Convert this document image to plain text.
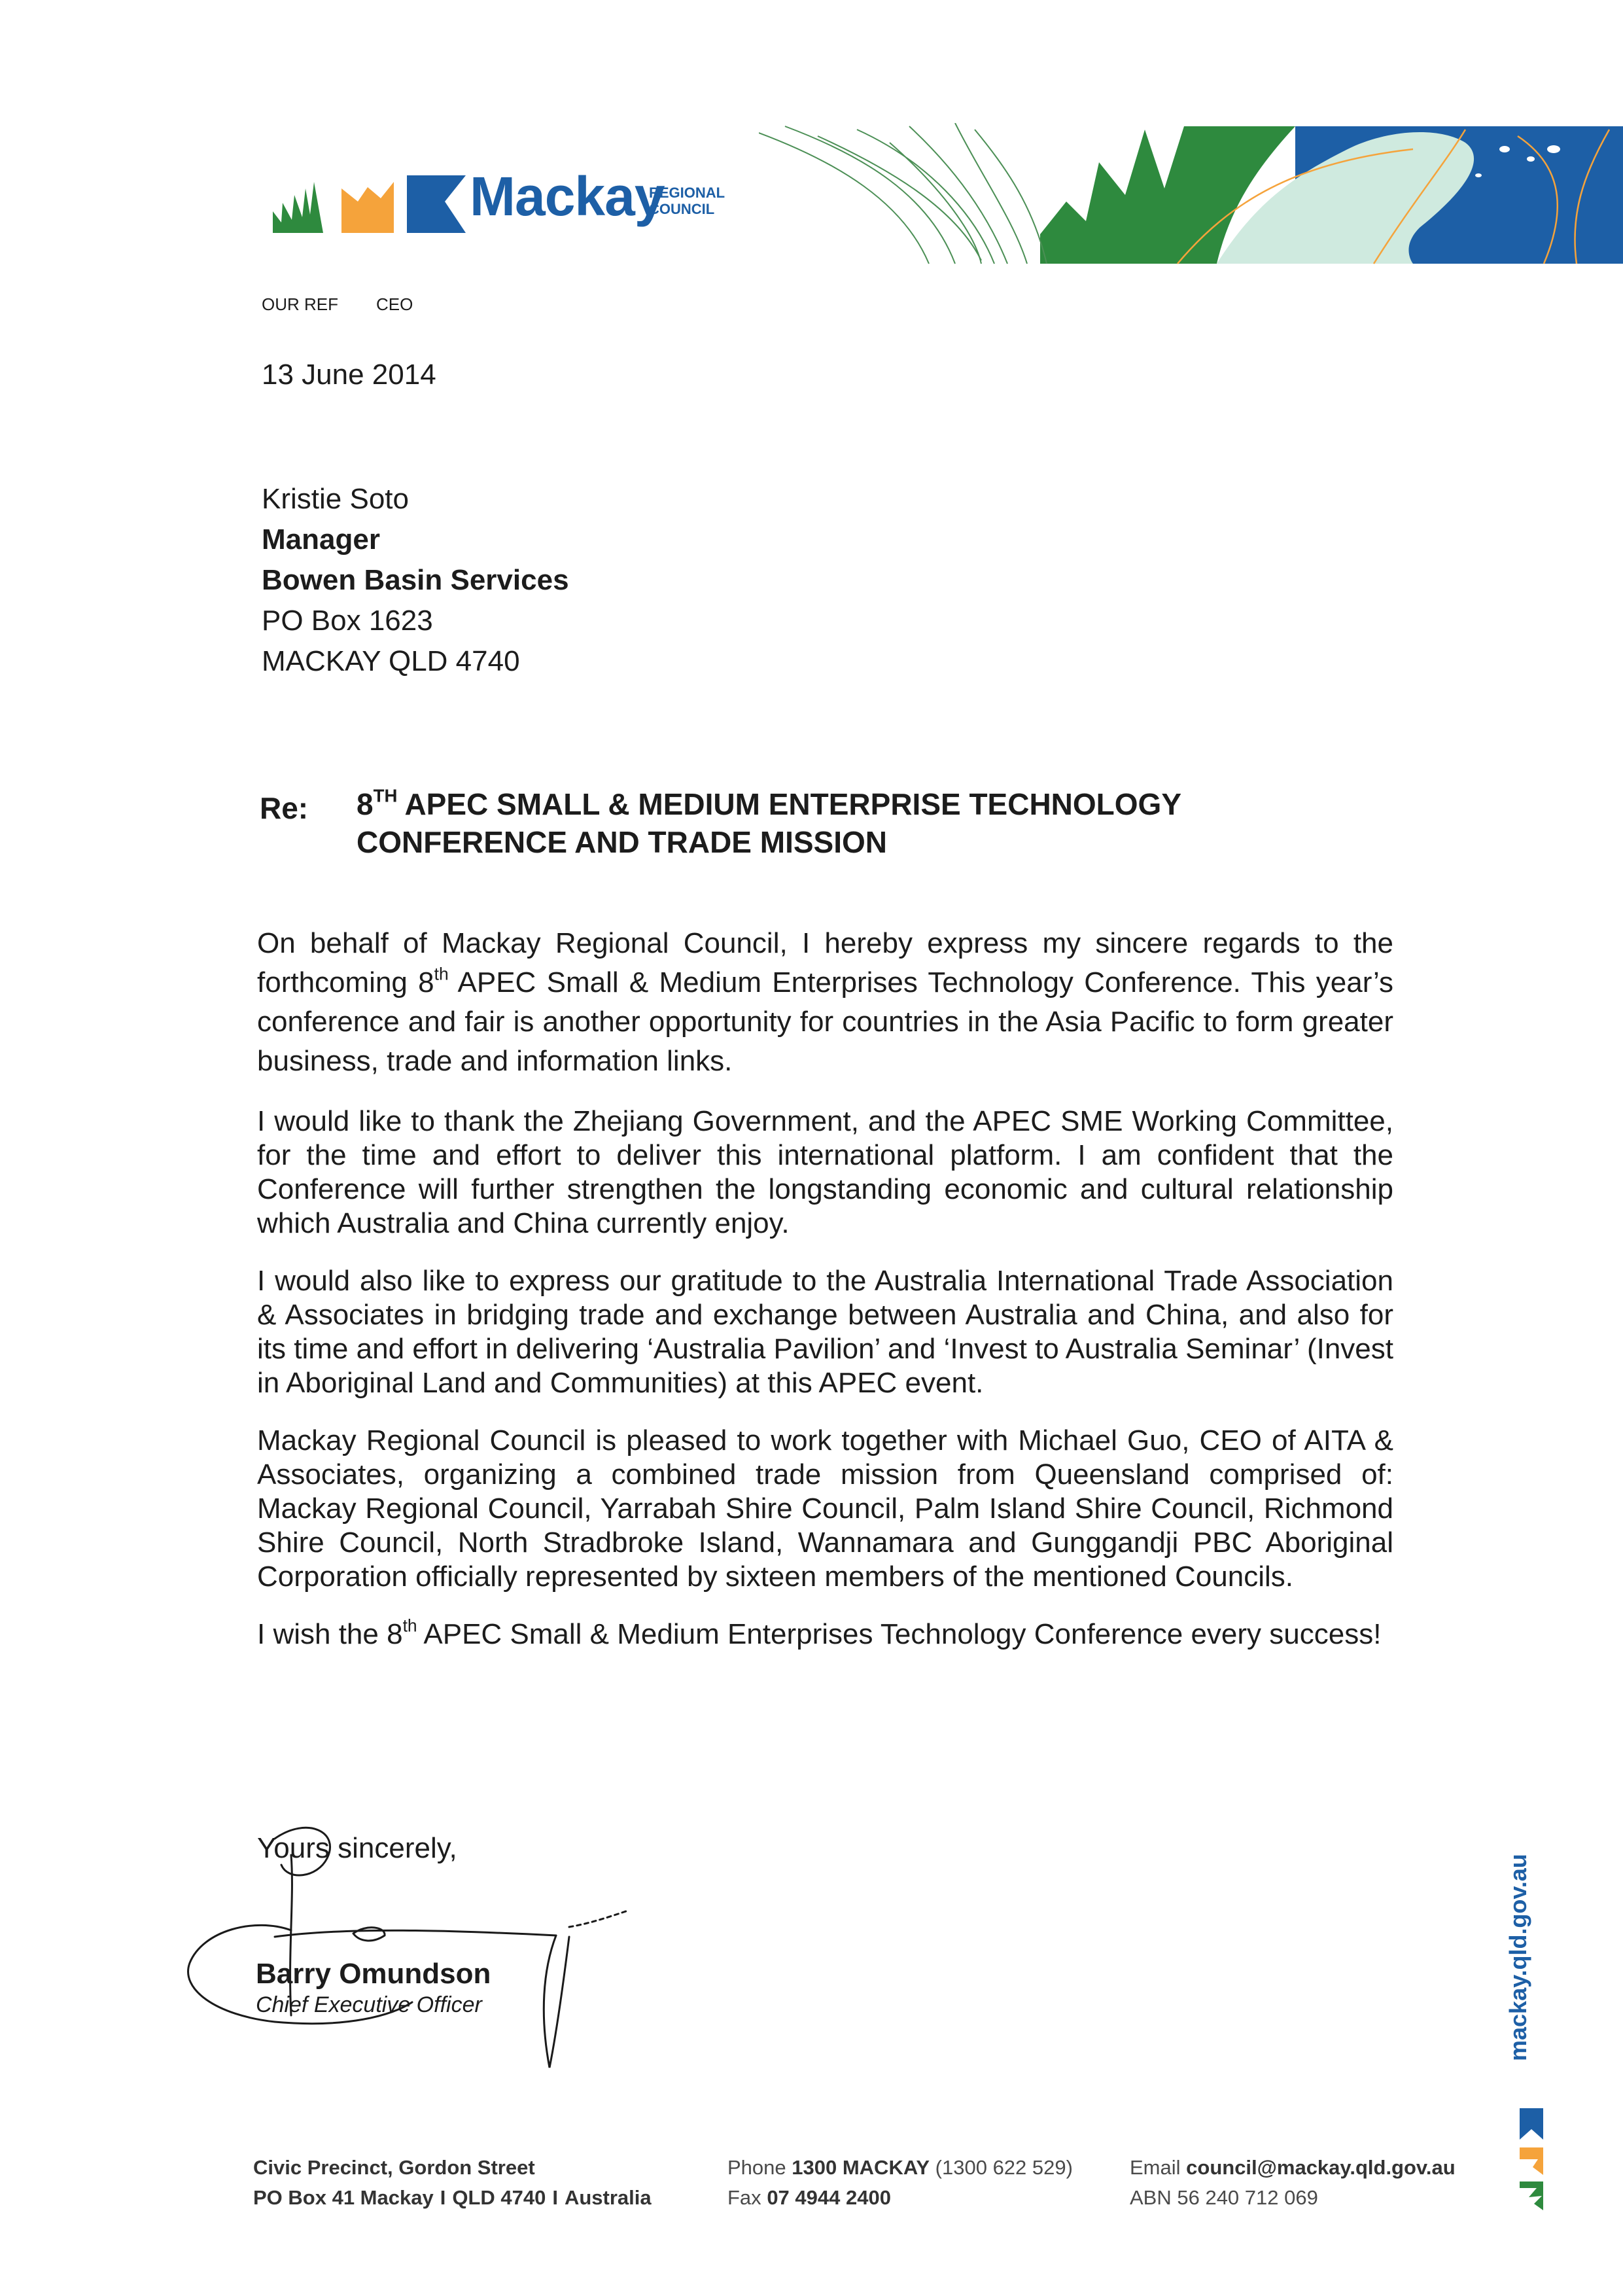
Mackay
REGIONAL
COUNCIL
OUR REF CEO
13 June 2014
Kristie Soto
Manager
Bowen Basin Services
PO Box 1623
MACKAY QLD 4740
Re: 8TH APEC SMALL & MEDIUM ENTERPRISE TECHNOLOGY
CONFERENCE AND TRADE MISSION

On behalf of Mackay Regional Council, I hereby express my sincere regards to the forthcoming 8th APEC Small & Medium Enterprises Technology Conference. This year’s conference and fair is another opportunity for countries in the Asia Pacific to form greater business, trade and information links.

I would like to thank the Zhejiang Government, and the APEC SME Working Committee, for the time and effort to deliver this international platform. I am confident that the Conference will further strengthen the longstanding economic and cultural relationship which Australia and China currently enjoy.

I would also like to express our gratitude to the Australia International Trade Association & Associates in bridging trade and exchange between Australia and China, and also for its time and effort in delivering ‘Australia Pavilion’ and ‘Invest to Australia Seminar’ (Invest in Aboriginal Land and Communities) at this APEC event.

Mackay Regional Council is pleased to work together with Michael Guo, CEO of AITA & Associates, organizing a combined trade mission from Queensland comprised of: Mackay Regional Council, Yarrabah Shire Council, Palm Island Shire Council, Richmond Shire Council, North Stradbroke Island, Wannamara and Gunggandji PBC Aboriginal Corporation officially represented by sixteen members of the mentioned Councils.

I wish the 8th APEC Small & Medium Enterprises Technology Conference every success!

Yours sincerely,
Barry Omundson
Chief Executive Officer
Civic Precinct, Gordon Street
PO Box 41 Mackay I QLD 4740 I Australia
Phone 1300 MACKAY (1300 622 529)
Fax 07 4944 2400
Email council@mackay.qld.gov.au
ABN 56 240 712 069
mackay.qld.gov.au
